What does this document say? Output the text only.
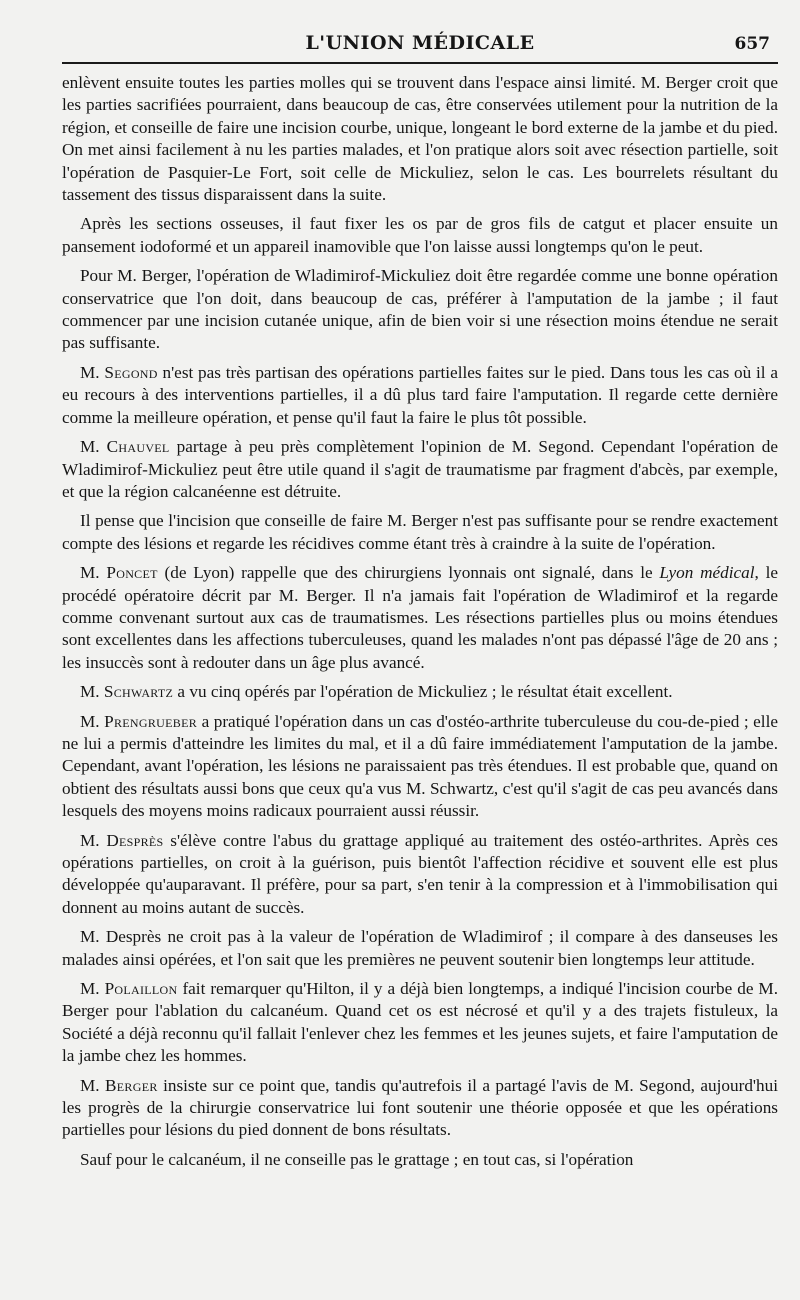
L'UNION MÉDICALE	657

enlèvent ensuite toutes les parties molles qui se trouvent dans l'espace ainsi limité. M. Berger croit que les parties sacrifiées pourraient, dans beaucoup de cas, être conservées utilement pour la nutrition de la région, et conseille de faire une incision courbe, unique, longeant le bord externe de la jambe et du pied. On met ainsi facilement à nu les parties malades, et l'on pratique alors soit avec résection partielle, soit l'opération de Pasquier-Le Fort, soit celle de Mickuliez, selon le cas. Les bourrelets résultant du tassement des tissus disparaissent dans la suite.

Après les sections osseuses, il faut fixer les os par de gros fils de catgut et placer ensuite un pansement iodoformé et un appareil inamovible que l'on laisse aussi longtemps qu'on le peut.

Pour M. Berger, l'opération de Wladimirof-Mickuliez doit être regardée comme une bonne opération conservatrice que l'on doit, dans beaucoup de cas, préférer à l'amputation de la jambe ; il faut commencer par une incision cutanée unique, afin de bien voir si une résection moins étendue ne serait pas suffisante.

M. Segond n'est pas très partisan des opérations partielles faites sur le pied. Dans tous les cas où il a eu recours à des interventions partielles, il a dû plus tard faire l'amputation. Il regarde cette dernière comme la meilleure opération, et pense qu'il faut la faire le plus tôt possible.

M. Chauvel partage à peu près complètement l'opinion de M. Segond. Cependant l'opération de Wladimirof-Mickuliez peut être utile quand il s'agit de traumatisme par fragment d'abcès, par exemple, et que la région calcanéenne est détruite.

Il pense que l'incision que conseille de faire M. Berger n'est pas suffisante pour se rendre exactement compte des lésions et regarde les récidives comme étant très à craindre à la suite de l'opération.

M. Poncet (de Lyon) rappelle que des chirurgiens lyonnais ont signalé, dans le Lyon médical, le procédé opératoire décrit par M. Berger. Il n'a jamais fait l'opération de Wladimirof et la regarde comme convenant surtout aux cas de traumatismes. Les résections partielles plus ou moins étendues sont excellentes dans les affections tuberculeuses, quand les malades n'ont pas dépassé l'âge de 20 ans ; les insuccès sont à redouter dans un âge plus avancé.

M. Schwartz a vu cinq opérés par l'opération de Mickuliez ; le résultat était excellent.

M. Prengrueber a pratiqué l'opération dans un cas d'ostéo-arthrite tuberculeuse du cou-de-pied ; elle ne lui a permis d'atteindre les limites du mal, et il a dû faire immédiatement l'amputation de la jambe. Cependant, avant l'opération, les lésions ne paraissaient pas très étendues. Il est probable que, quand on obtient des résultats aussi bons que ceux qu'a vus M. Schwartz, c'est qu'il s'agit de cas peu avancés dans lesquels des moyens moins radicaux pourraient aussi réussir.

M. Desprès s'élève contre l'abus du grattage appliqué au traitement des ostéo-arthrites. Après ces opérations partielles, on croit à la guérison, puis bientôt l'affection récidive et souvent elle est plus développée qu'auparavant. Il préfère, pour sa part, s'en tenir à la compression et à l'immobilisation qui donnent au moins autant de succès.

M. Desprès ne croit pas à la valeur de l'opération de Wladimirof ; il compare à des danseuses les malades ainsi opérées, et l'on sait que les premières ne peuvent soutenir bien longtemps leur attitude.

M. Polaillon fait remarquer qu'Hilton, il y a déjà bien longtemps, a indiqué l'incision courbe de M. Berger pour l'ablation du calcanéum. Quand cet os est nécrosé et qu'il y a des trajets fistuleux, la Société a déjà reconnu qu'il fallait l'enlever chez les femmes et les jeunes sujets, et faire l'amputation de la jambe chez les hommes.

M. Berger insiste sur ce point que, tandis qu'autrefois il a partagé l'avis de M. Segond, aujourd'hui les progrès de la chirurgie conservatrice lui font soutenir une théorie opposée et que les opérations partielles pour lésions du pied donnent de bons résultats.

Sauf pour le calcanéum, il ne conseille pas le grattage ; en tout cas, si l'opération
